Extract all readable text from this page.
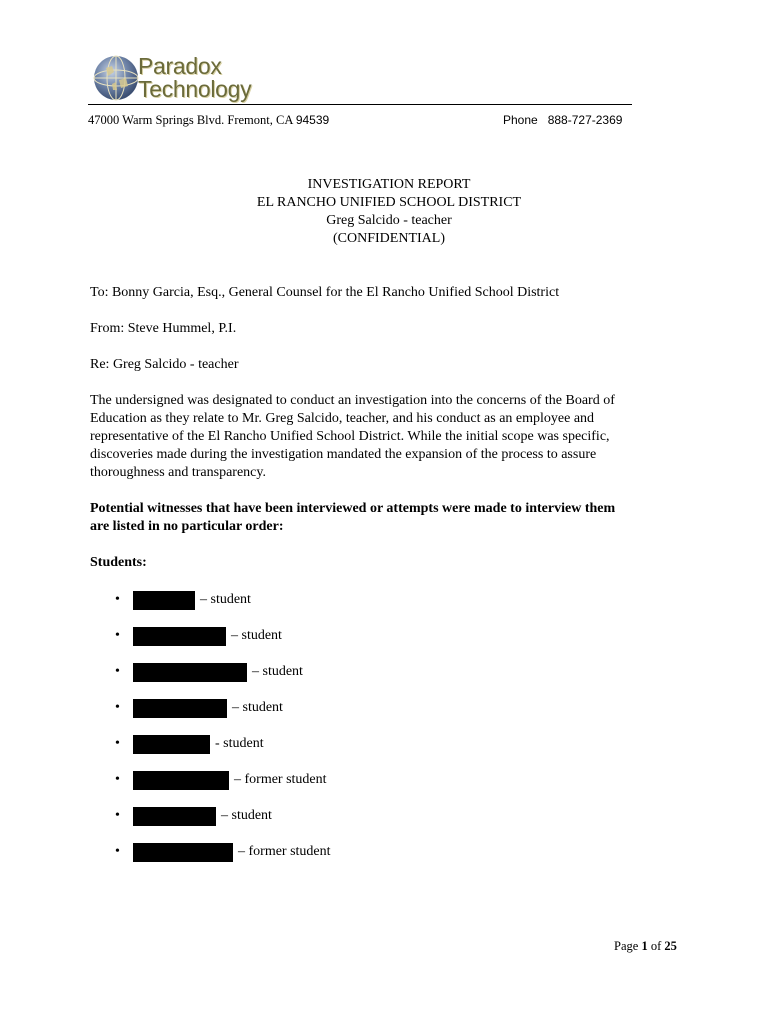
Paradox
Technology
47000 Warm Springs Blvd. Fremont, CA 94539	Phone 888-727-2369
INVESTIGATION REPORT
EL RANCHO UNIFIED SCHOOL DISTRICT
Greg Salcido - teacher
(CONFIDENTIAL)
To: Bonny Garcia, Esq., General Counsel for the El Rancho Unified School District
From: Steve Hummel, P.I.
Re: Greg Salcido - teacher
The undersigned was designated to conduct an investigation into the concerns of the Board of
Education as they relate to Mr. Greg Salcido, teacher, and his conduct as an employee and
representative of the El Rancho Unified School District. While the initial scope was specific,
discoveries made during the investigation mandated the expansion of the process to assure
thoroughness and transparency.
Potential witnesses that have been interviewed or attempts were made to interview them
are listed in no particular order:
Students:
•	– student
•	– student
•	– student
•	– student
•	- student
•	– former student
•	– student
•	– former student
Page 1 of 25
